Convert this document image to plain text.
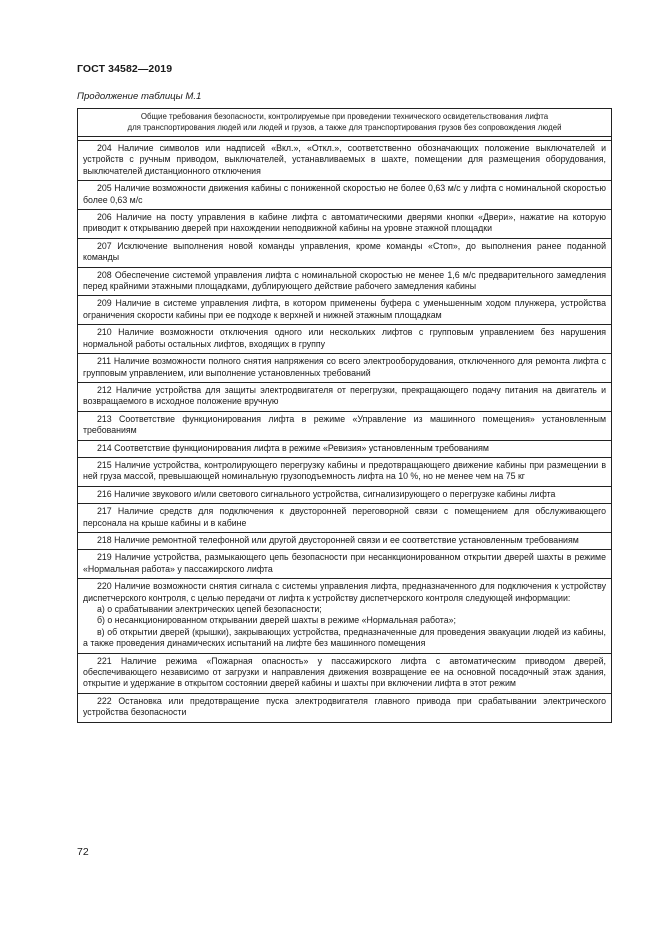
ГОСТ 34582—2019
Продолжение таблицы М.1
Общие требования безопасности, контролируемые при проведении технического освидетельствования лифта
для транспортирования людей или людей и грузов, а также для транспортирования грузов без сопровождения людей
204 Наличие символов или надписей «Вкл.», «Откл.», соответственно обозначающих положение выключателей и устройств с ручным приводом, выключателей, устанавливаемых в шахте, помещении для размещения оборудования, выключателей дистанционного отключения
205 Наличие возможности движения кабины с пониженной скоростью не более 0,63 м/с у лифта с номинальной скоростью более 0,63 м/с
206 Наличие на посту управления в кабине лифта с автоматическими дверями кнопки «Двери», нажатие на которую приводит к открыванию дверей при нахождении неподвижной кабины на уровне этажной площадки
207 Исключение выполнения новой команды управления, кроме команды «Стоп», до выполнения ранее поданной команды
208 Обеспечение системой управления лифта с номинальной скоростью не менее 1,6 м/с предварительного замедления перед крайними этажными площадками, дублирующего действие рабочего замедления кабины
209 Наличие в системе управления лифта, в котором применены буфера с уменьшенным ходом плунжера, устройства ограничения скорости кабины при ее подходе к верхней и нижней этажным площадкам
210 Наличие возможности отключения одного или нескольких лифтов с групповым управлением без нарушения нормальной работы остальных лифтов, входящих в группу
211 Наличие возможности полного снятия напряжения со всего электрооборудования, отключенного для ремонта лифта с групповым управлением, или выполнение установленных требований
212 Наличие устройства для защиты электродвигателя от перегрузки, прекращающего подачу питания на двигатель и возвращаемого в исходное положение вручную
213 Соответствие функционирования лифта в режиме «Управление из машинного помещения» установленным требованиям
214 Соответствие функционирования лифта в режиме «Ревизия» установленным требованиям
215 Наличие устройства, контролирующего перегрузку кабины и предотвращающего движение кабины при размещении в ней груза массой, превышающей номинальную грузоподъемность лифта на 10 %, но не менее чем на 75 кг
216 Наличие звукового и/или светового сигнального устройства, сигнализирующего о перегрузке кабины лифта
217 Наличие средств для подключения к двусторонней переговорной связи с помещением для обслуживающего персонала на крыше кабины и в кабине
218 Наличие ремонтной телефонной или другой двусторонней связи и ее соответствие установленным требованиям
219 Наличие устройства, размыкающего цепь безопасности при несанкционированном открытии дверей шахты в режиме «Нормальная работа» у пассажирского лифта
220 Наличие возможности снятия сигнала с системы управления лифта, предназначенного для подключения к устройству диспетчерского контроля, с целью передачи от лифта к устройству диспетчерского контроля следующей информации:
а) о срабатывании электрических цепей безопасности;
б) о несанкционированном открывании дверей шахты в режиме «Нормальная работа»;
в) об открытии дверей (крышки), закрывающих устройства, предназначенные для проведения эвакуации людей из кабины, а также проведения динамических испытаний на лифте без машинного помещения
221 Наличие режима «Пожарная опасность» у пассажирского лифта с автоматическим приводом дверей, обеспечивающего независимо от загрузки и направления движения возвращение ее на основной посадочный этаж здания, открытие и удержание в открытом состоянии дверей кабины и шахты при включении лифта в этот режим
222 Остановка или предотвращение пуска электродвигателя главного привода при срабатывании электрического устройства безопасности
72
